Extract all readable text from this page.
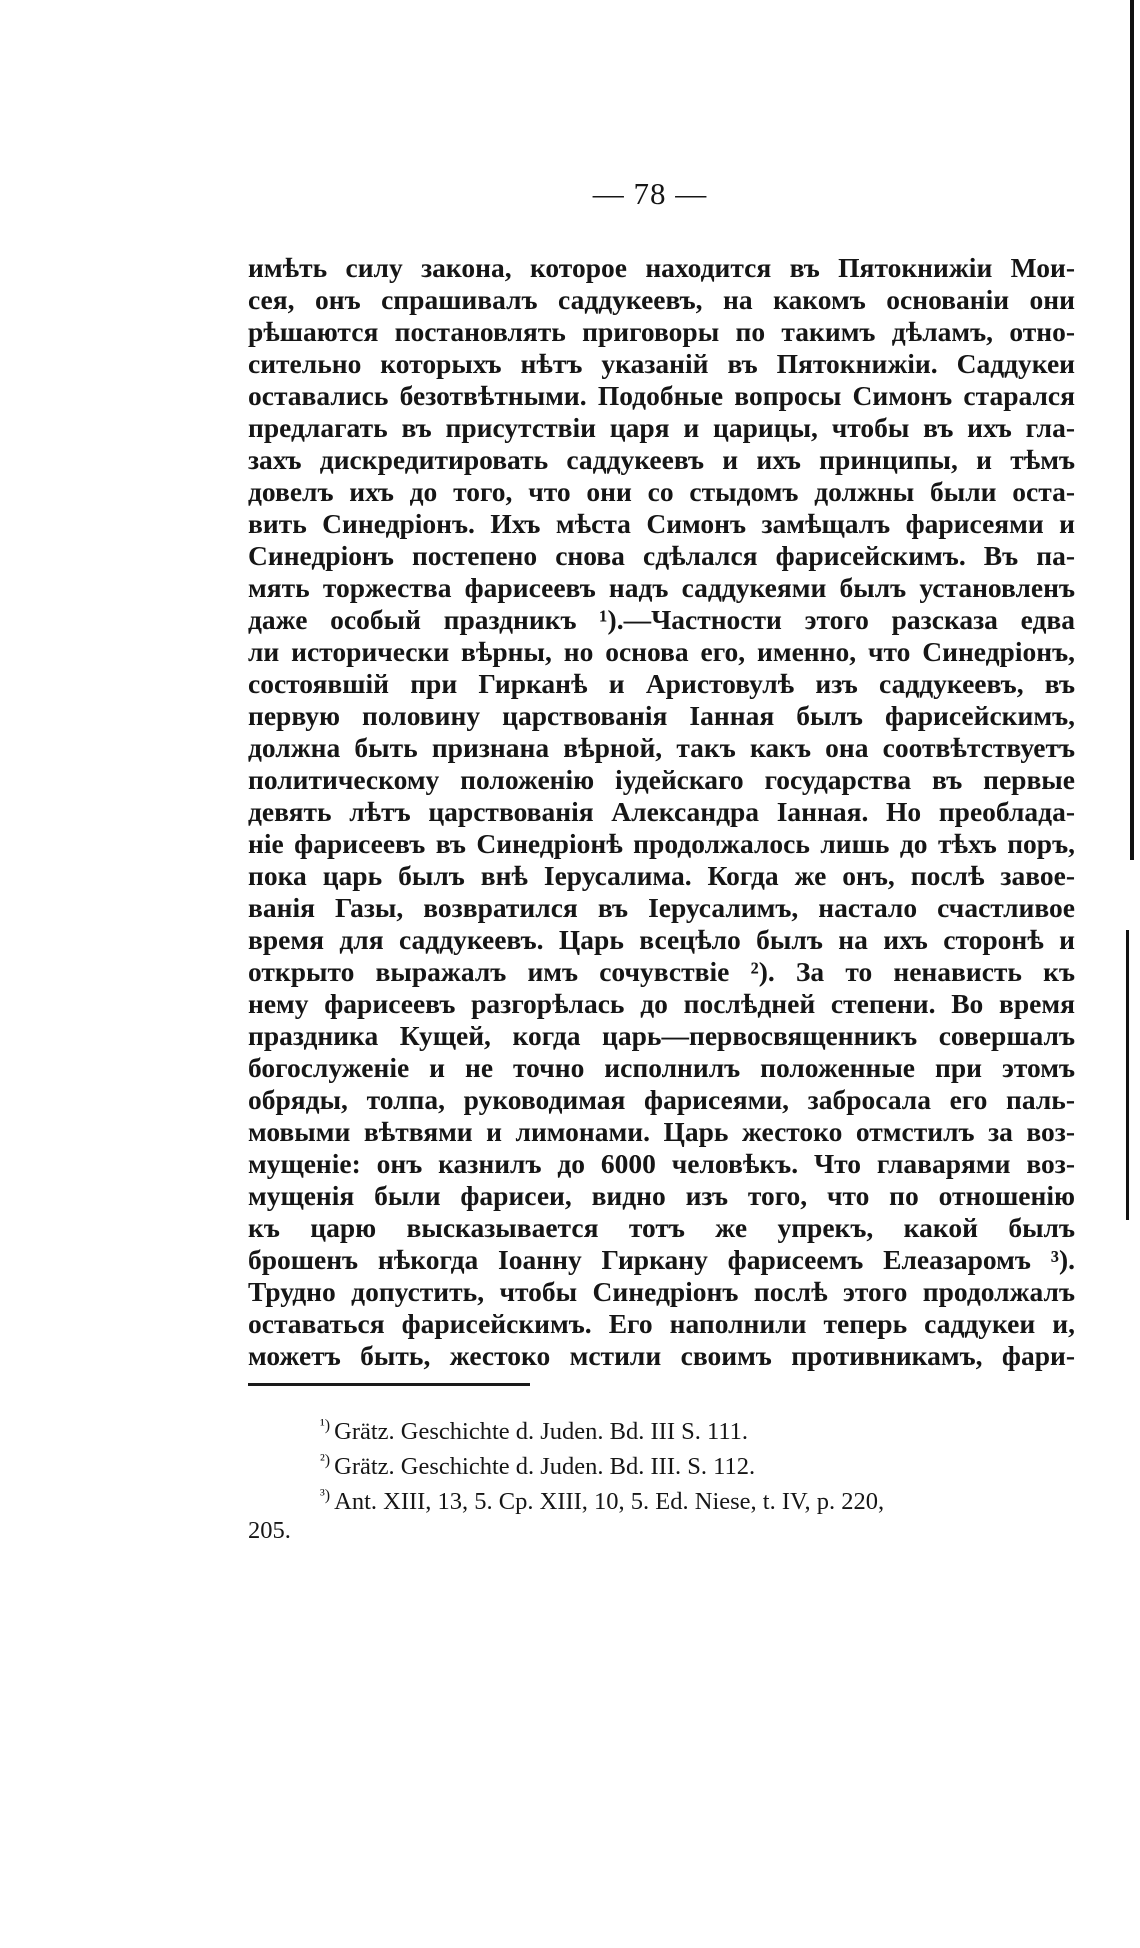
— 78 —
имѣть силу закона, которое находится въ Пятокнижіи Мои-
сея, онъ спрашивалъ саддукеевъ, на какомъ основаніи они
рѣшаются постановлять приговоры по такимъ дѣламъ, отно-
сительно которыхъ нѣтъ указаній въ Пятокнижіи. Саддукеи
оставались безотвѣтными. Подобные вопросы Симонъ старался
предлагать въ присутствіи царя и царицы, чтобы въ ихъ гла-
захъ дискредитировать саддукеевъ и ихъ принципы, и тѣмъ
довелъ ихъ до того, что они со стыдомъ должны были оста-
вить Синедріонъ. Ихъ мѣста Симонъ замѣщалъ фарисеями и
Синедріонъ постепено снова сдѣлался фарисейскимъ. Въ па-
мять торжества фарисеевъ надъ саддукеями былъ установленъ
даже особый праздникъ ¹).—Частности этого разсказа едва
ли исторически вѣрны, но основа его, именно, что Синедріонъ,
состоявшій при Гирканѣ и Аристовулѣ изъ саддукеевъ, въ
первую половину царствованія Іанная былъ фарисейскимъ,
должна быть признана вѣрной, такъ какъ она соотвѣтствуетъ
политическому положенію іудейскаго государства въ первые
девять лѣтъ царствованія Александра Іанная. Но преоблада-
ніе фарисеевъ въ Синедріонѣ продолжалось лишь до тѣхъ поръ,
пока царь былъ внѣ Іерусалима. Когда же онъ, послѣ завое-
ванія Газы, возвратился въ Іерусалимъ, настало счастливое
время для саддукеевъ. Царь всецѣло былъ на ихъ сторонѣ и
открыто выражалъ имъ сочувствіе ²). За то ненависть къ
нему фарисеевъ разгорѣлась до послѣдней степени. Во время
праздника Кущей, когда царь—первосвященникъ совершалъ
богослуженіе и не точно исполнилъ положенные при этомъ
обряды, толпа, руководимая фарисеями, забросала его паль-
мовыми вѣтвями и лимонами. Царь жестоко отмстилъ за воз-
мущеніе: онъ казнилъ до 6000 человѣкъ. Что главарями воз-
мущенія были фарисеи, видно изъ того, что по отношенію
къ царю высказывается тотъ же упрекъ, какой былъ
брошенъ нѣкогда Іоанну Гиркану фарисеемъ Елеазаромъ ³).
Трудно допустить, чтобы Синедріонъ послѣ этого продолжалъ
оставаться фарисейскимъ. Его наполнили теперь саддукеи и,
можетъ быть, жестоко мстили своимъ противникамъ, фари-
$^{^1)}$ Grätz. Geschichte d. Juden. Bd. III S. 111.
$^{^2)}$ Grätz. Geschichte d. Juden. Bd. III. S. 112.
$^{^3)}$ Ant. XIII, 13, 5. Cp. XIII, 10, 5. Ed. Niese, t. IV, p. 220,
205.
